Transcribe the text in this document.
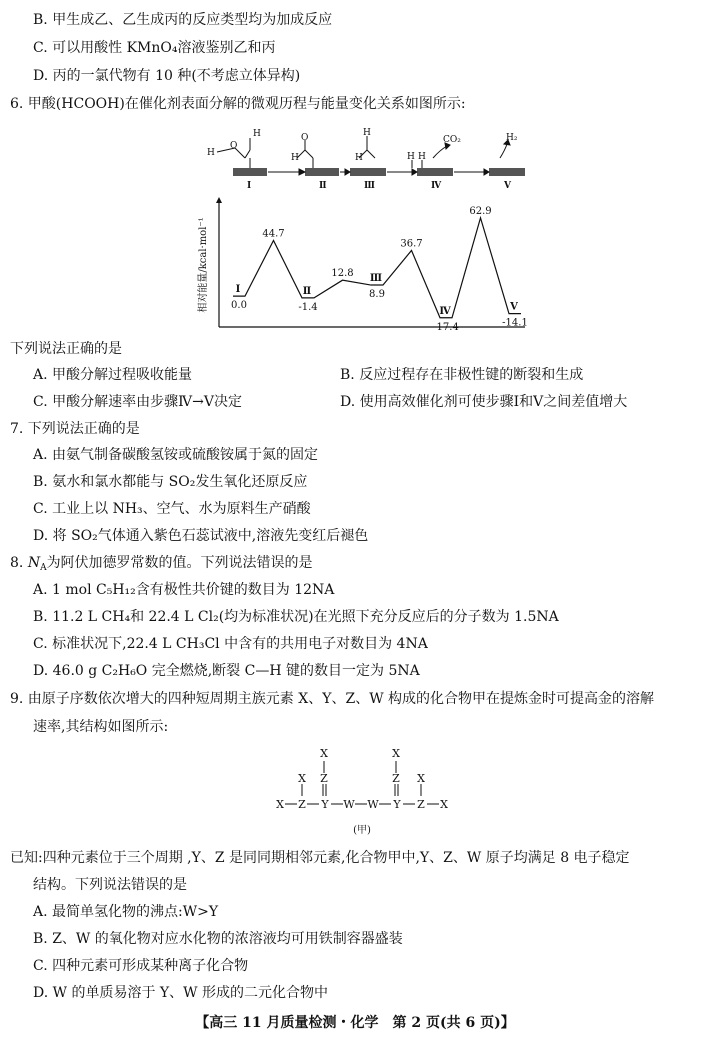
B. 甲生成乙、乙生成丙的反应类型均为加成反应
C. 可以用酸性 KMnO₄溶液鉴别乙和丙
D. 丙的一氯代物有 10 种(不考虑立体异构)
6. 甲酸(HCOOH)在催化剂表面分解的微观历程与能量变化关系如图所示:
H
O
H
H
O
H
H
H H
CO₂	H₂
Ⅰ	Ⅱ	Ⅲ	Ⅳ	Ⅴ
相对能量/kcal·mol⁻¹ 0.0
Ⅰ
44.7
-1.4
Ⅱ
12.8
8.9
Ⅲ
36.7
-17.4
Ⅳ
62.9
-14.1
Ⅴ
下列说法正确的是
A. 甲酸分解过程吸收能量	B. 反应过程存在非极性键的断裂和生成
C. 甲酸分解速率由步骤Ⅳ→Ⅴ决定	D. 使用高效催化剂可使步骤Ⅰ和Ⅴ之间差值增大
7. 下列说法正确的是
A. 由氨气制备碳酸氢铵或硫酸铵属于氮的固定
B. 氨水和氯水都能与 SO₂发生氧化还原反应
C. 工业上以 NH₃、空气、水为原料生产硝酸
D. 将 SO₂气体通入紫色石蕊试液中,溶液先变红后褪色
8. $N_A$为阿伏加德罗常数的值。下列说法错误的是
A. 1 mol C₅H₁₂含有极性共价键的数目为 12NA
B. 11.2 L CH₄和 22.4 L Cl₂(均为标准状况)在光照下充分反应后的分子数为 1.5NA
C. 标准状况下,22.4 L CH₃Cl 中含有的共用电子对数目为 4NA
D. 46.0 g C₂H₆O 完全燃烧,断裂 C—H 键的数目一定为 5NA
9. 由原子序数依次增大的四种短周期主族元素 X、Y、Z、W 构成的化合物甲在提炼金时可提高金的溶解
速率,其结构如图所示:
X Z Y W W Y Z X
X Z
X
Z
X
X
(甲)
已知:四种元素位于三个周期 ,Y、Z 是同同期相邻元素,化合物甲中,Y、Z、W 原子均满足 8 电子稳定
结构。下列说法错误的是
A. 最简单氢化物的沸点:W>Y
B. Z、W 的氧化物对应水化物的浓溶液均可用铁制容器盛装
C. 四种元素可形成某种离子化合物
D. W 的单质易溶于 Y、W 形成的二元化合物中
【高三 11 月质量检测・化学　第 2 页(共 6 页)】
